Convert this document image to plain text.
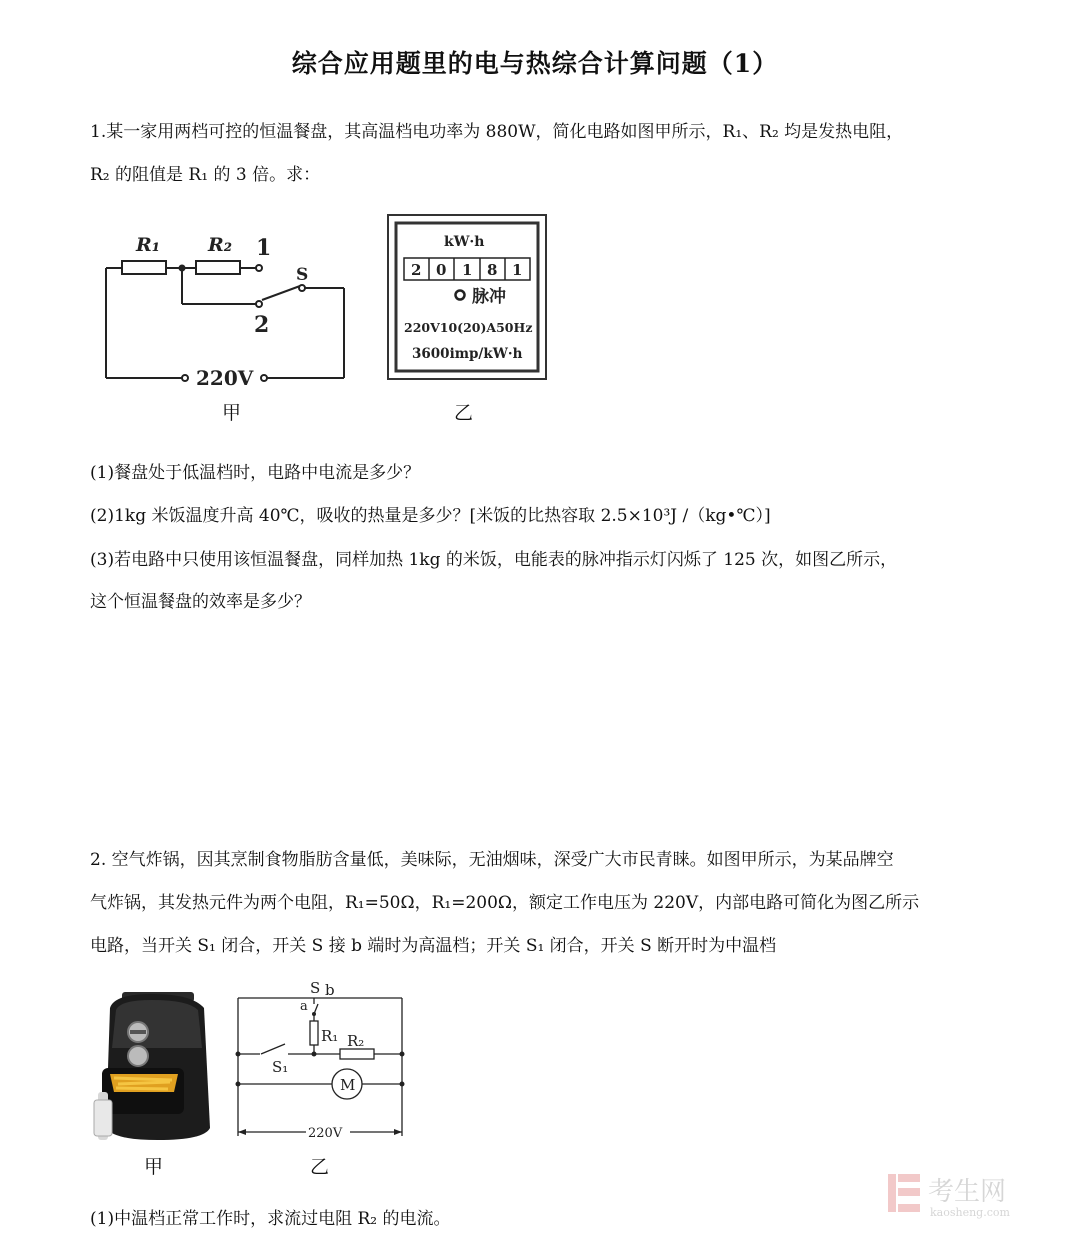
综合应用题里的电与热综合计算问题（1）
1.某一家用两档可控的恒温餐盘，其高温档电功率为 880W，简化电路如图甲所示，R₁、R₂ 均是发热电阻，
R₂ 的阻值是 R₁ 的 3 倍。求：
R₁	R₂ 1
S
2
220V
甲
kW·h
2 0 1 8 1
脉冲
220V10(20)A50Hz
3600imp/kW·h
乙
(1)餐盘处于低温档时，电路中电流是多少？
(2)1kg 米饭温度升高 40℃，吸收的热量是多少？[米饭的比热容取 2.5×10³J /（kg•℃）]
(3)若电路中只使用该恒温餐盘，同样加热 1kg 的米饭，电能表的脉冲指示灯闪烁了 125 次，如图乙所示，
这个恒温餐盘的效率是多少？
2. 空气炸锅，因其烹制食物脂肪含量低，美味际，无油烟味，深受广大市民青睐。如图甲所示，为某品牌空
气炸锅，其发热元件为两个电阻，R₁=50Ω，R₁=200Ω，额定工作电压为 220V，内部电路可简化为图乙所示
电路，当开关 S₁ 闭合，开关 S 接 b 端时为高温档；开关 S₁ 闭合，开关 S 断开时为中温档
甲
S b
a
R₁ R₂
S₁
M
220V
乙
(1)中温档正常工作时，求流过电阻 R₂ 的电流。
考生网
kaosheng.com
